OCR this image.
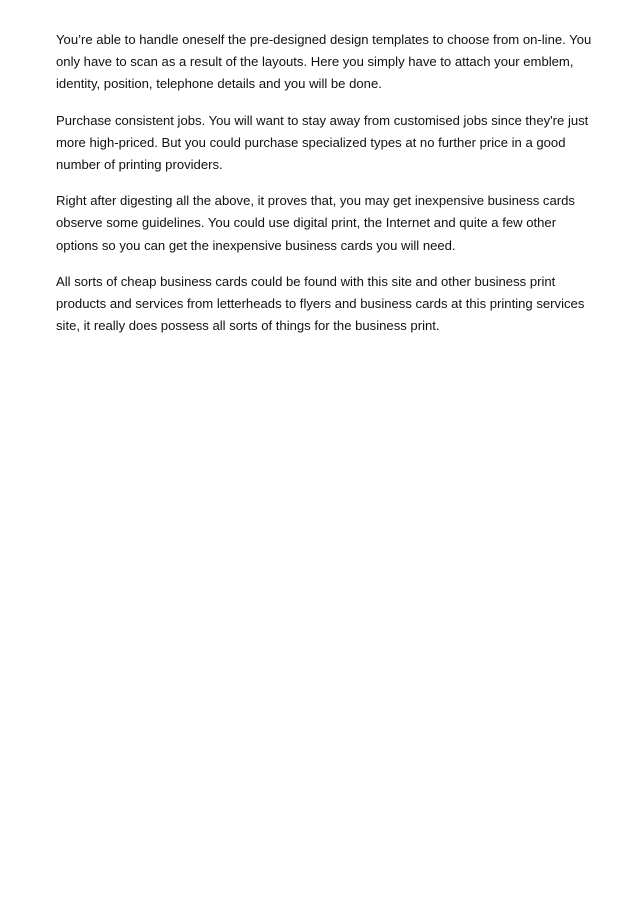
You’re able to handle oneself the pre-designed design templates to choose from on-line. You
only have to scan as a result of the layouts. Here you simply have to attach your emblem,
identity, position, telephone details and you will be done.

Purchase consistent jobs. You will want to stay away from customised jobs since they're just
more high-priced. But you could purchase specialized types at no further price in a good
number of printing providers.

Right after digesting all the above, it proves that, you may get inexpensive business cards
observe some guidelines. You could use digital print, the Internet and quite a few other
options so you can get the inexpensive business cards you will need.

All sorts of cheap business cards could be found with this site and other business print
products and services from letterheads to flyers and business cards at this printing services
site, it really does possess all sorts of things for the business print.
